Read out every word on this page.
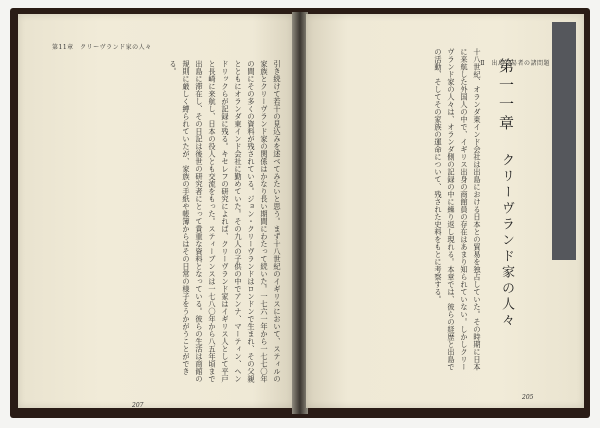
第11章　クリーヴランド家の人々
引き続けて若干の見込みを述べてみたいと思う。まず十八世紀のイギリスにおいて、スティルの家族とクリーヴランド家の関係はかなり長い期間にわたって続いた。一七六一年から一七七〇年の間にその多くの資料が残されている。ジョン・クリーヴランドはロンドンで生まれ、その父親とともにオランダ東インド会社に勤めていた。その九人の子供の中でアンナ、マーティン、ヘンドリックらが記録に残る。キセレフの研究によれば、クリーヴランド家はイギリス人として平戸と長崎に来航し、日本の役人とも交流をもった。スティーブンスは一七八〇年から八五年頃まで出島に滞在し、その日記は後世の研究者にとって貴重な資料となっている。彼らの生活は商館の規則に厳しく縛られていたが、家族の手紙や帳簿からはその日常の様子をうかがうことができる。
207
Ⅱ　出島交易者の諸問題
第一一章 クリーヴランド家の人々
十八世紀、オランダ東インド会社は出島における日本との貿易を独占していた。その時期に日本に来航した外国人の中で、イギリス出身の商館員の存在はあまり知られていない。しかしクリーヴランド家の人々は、オランダ側の記録の中に繰り返し現れる。本章では、彼らの経歴と出島での活動、そしてその家族の運命について、残された史料をもとに考察する。
205
